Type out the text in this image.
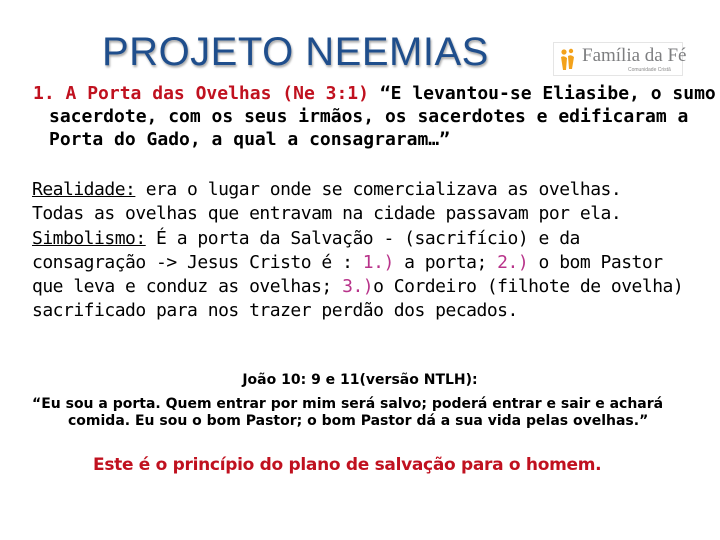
PROJETO NEEMIAS	Família da Fé
Comunidade Cristã
1. A Porta das Ovelhas (Ne 3:1) “E levantou-se Eliasibe, o sumo
sacerdote, com os seus irmãos, os sacerdotes e edificaram a
Porta do Gado, a qual a consagraram…”
Realidade: era o lugar onde se comercializava as ovelhas.
Todas as ovelhas que entravam na cidade passavam por ela.
Simbolismo: É a porta da Salvação - (sacrifício) e da
consagração -> Jesus Cristo é : 1.) a porta; 2.) o bom Pastor
que leva e conduz as ovelhas; 3.)o Cordeiro (filhote de ovelha)
sacrificado para nos trazer perdão dos pecados.
João 10: 9 e 11(versão NTLH):
“Eu sou a porta. Quem entrar por mim será salvo; poderá entrar e sair e achará
comida. Eu sou o bom Pastor; o bom Pastor dá a sua vida pelas ovelhas.”
Este é o princípio do plano de salvação para o homem.
